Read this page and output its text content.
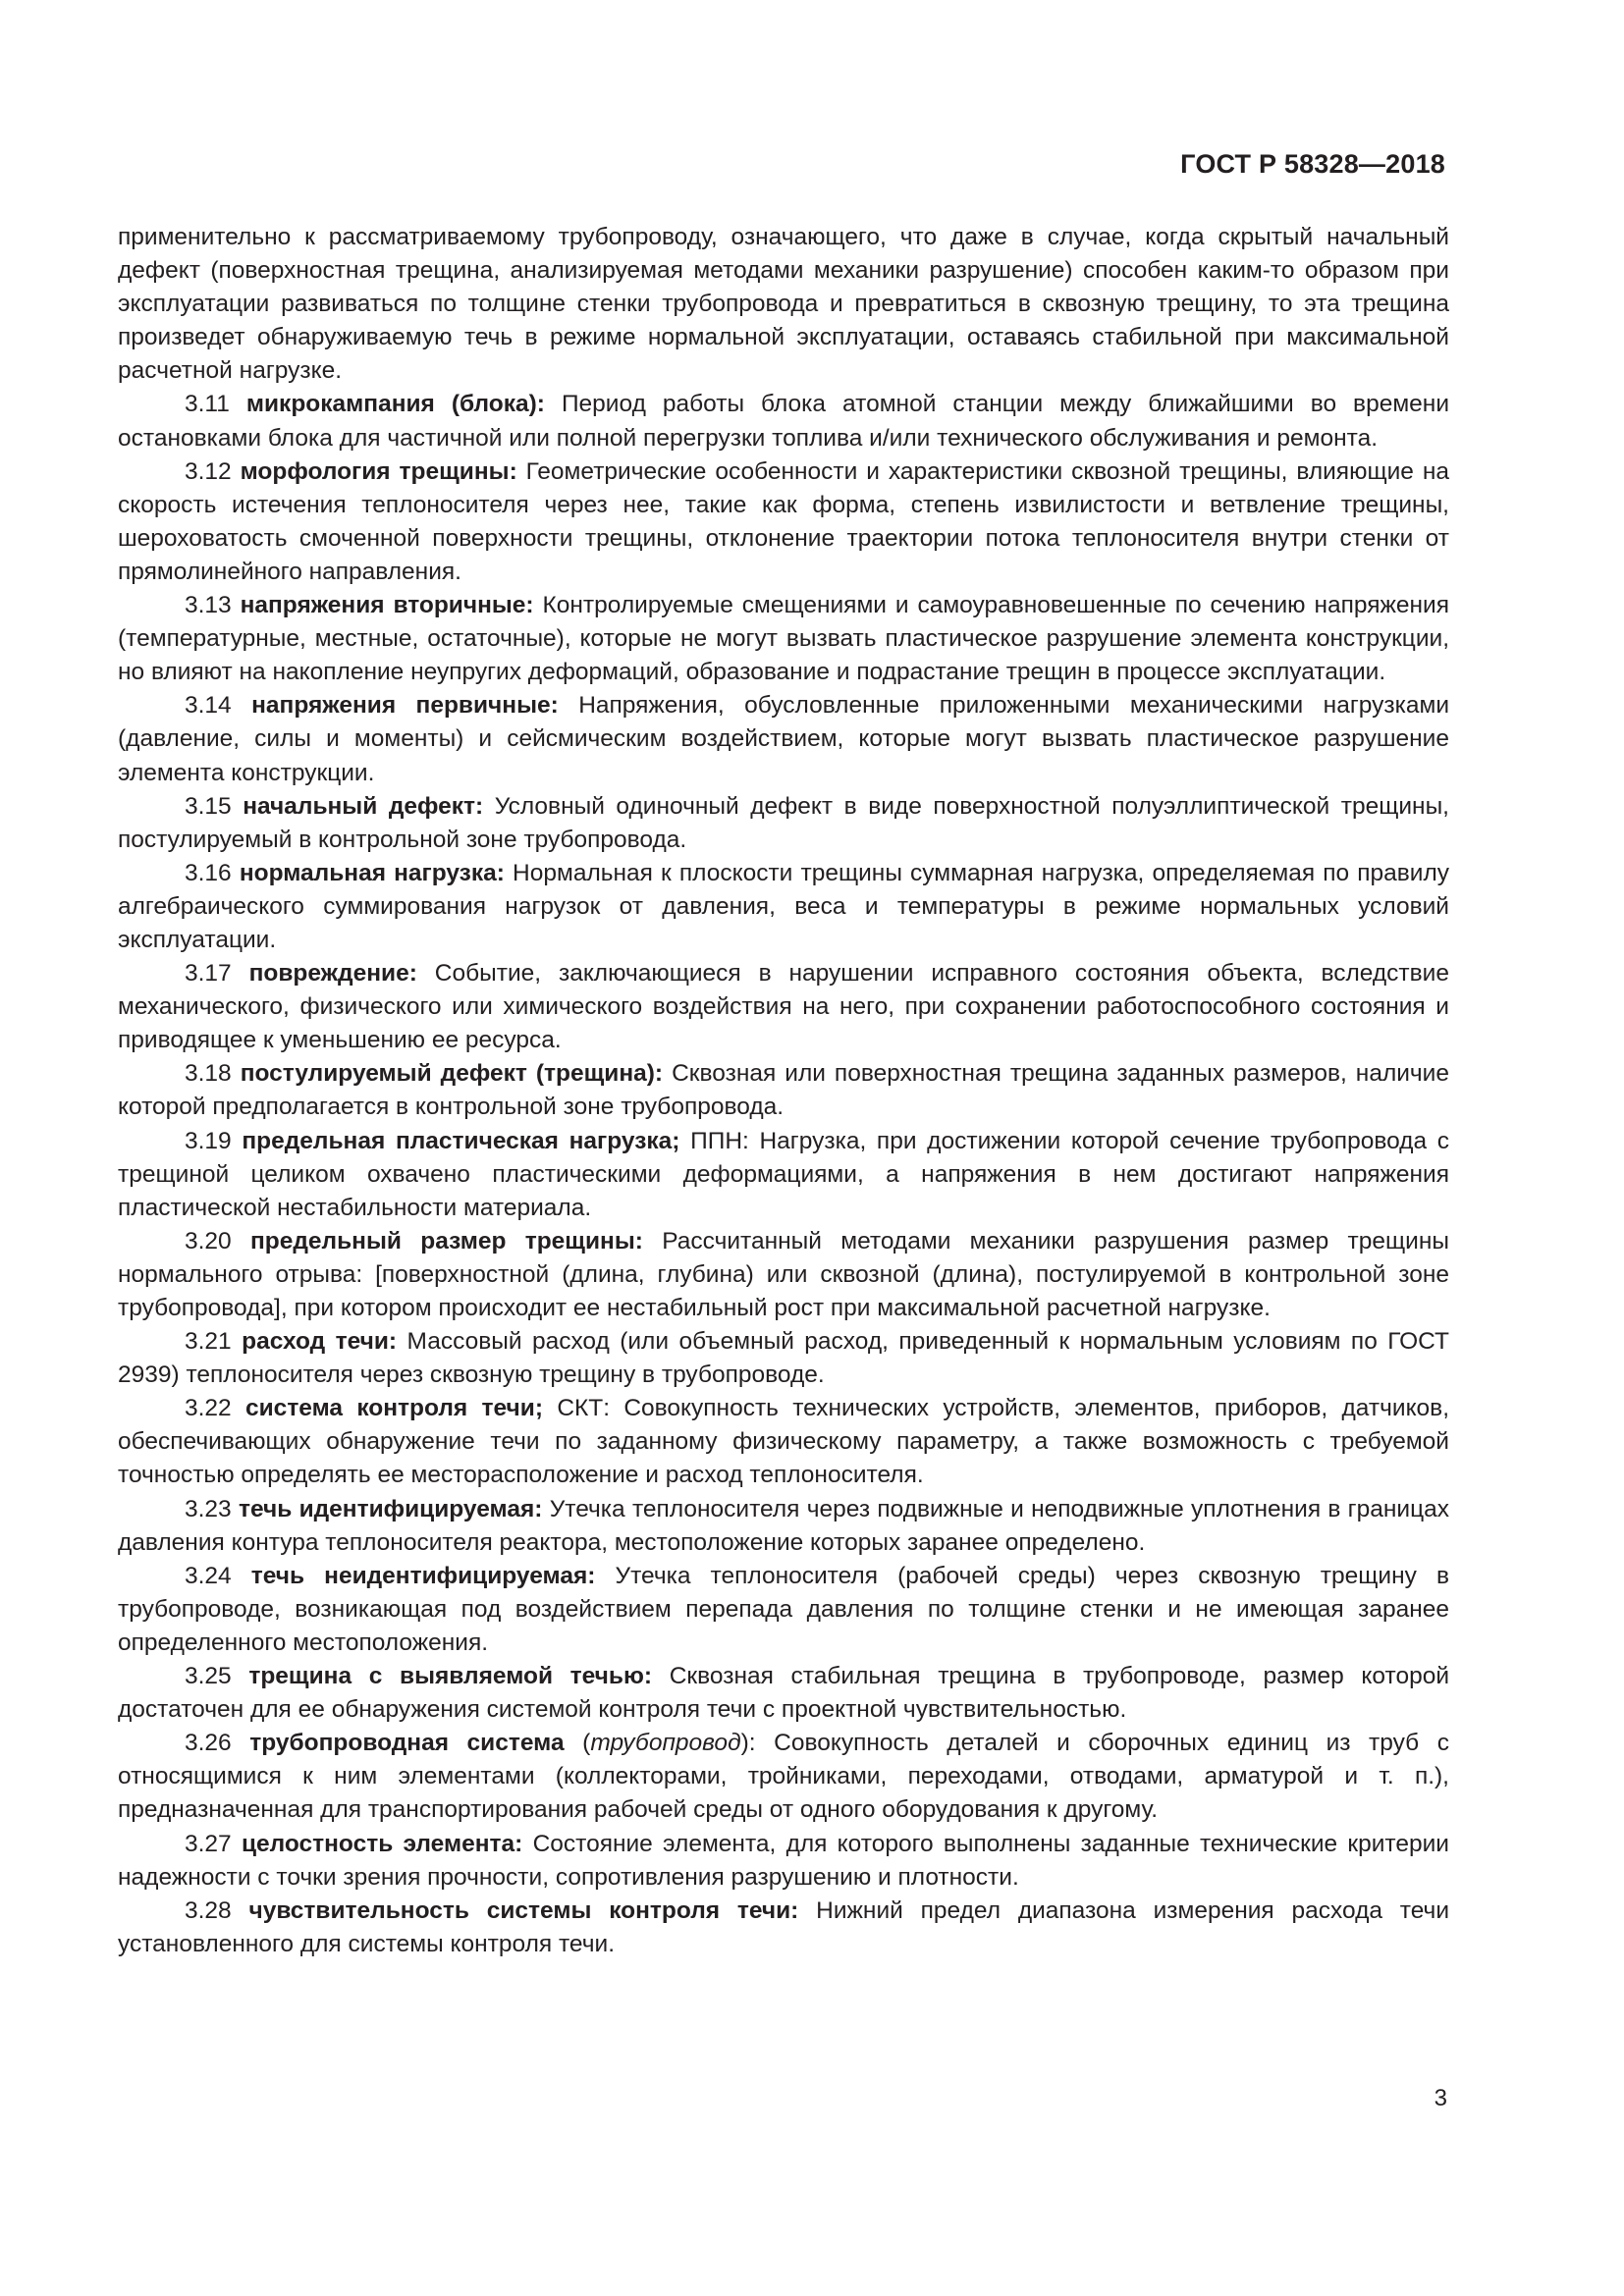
ГОСТ Р 58328—2018

применительно к рассматриваемому трубопроводу, означающего, что даже в случае, когда скрытый начальный дефект (поверхностная трещина, анализируемая методами механики разрушение) способен каким-то образом при эксплуатации развиваться по толщине стенки трубопровода и превратиться в сквозную трещину, то эта трещина произведет обнаруживаемую течь в режиме нормальной эксплуатации, оставаясь стабильной при максимальной расчетной нагрузке.

3.11 микрокампания (блока): Период работы блока атомной станции между ближайшими во времени остановками блока для частичной или полной перегрузки топлива и/или технического обслуживания и ремонта.

3.12 морфология трещины: Геометрические особенности и характеристики сквозной трещины, влияющие на скорость истечения теплоносителя через нее, такие как форма, степень извилистости и ветвление трещины, шероховатость смоченной поверхности трещины, отклонение траектории потока теплоносителя внутри стенки от прямолинейного направления.

3.13 напряжения вторичные: Контролируемые смещениями и самоуравновешенные по сечению напряжения (температурные, местные, остаточные), которые не могут вызвать пластическое разрушение элемента конструкции, но влияют на накопление неупругих деформаций, образование и подрастание трещин в процессе эксплуатации.

3.14 напряжения первичные: Напряжения, обусловленные приложенными механическими нагрузками (давление, силы и моменты) и сейсмическим воздействием, которые могут вызвать пластическое разрушение элемента конструкции.

3.15 начальный дефект: Условный одиночный дефект в виде поверхностной полуэллиптической трещины, постулируемый в контрольной зоне трубопровода.

3.16 нормальная нагрузка: Нормальная к плоскости трещины суммарная нагрузка, определяемая по правилу алгебраического суммирования нагрузок от давления, веса и температуры в режиме нормальных условий эксплуатации.

3.17 повреждение: Событие, заключающиеся в нарушении исправного состояния объекта, вследствие механического, физического или химического воздействия на него, при сохранении работоспособного состояния и приводящее к уменьшению ее ресурса.

3.18 постулируемый дефект (трещина): Сквозная или поверхностная трещина заданных размеров, наличие которой предполагается в контрольной зоне трубопровода.

3.19 предельная пластическая нагрузка; ППН: Нагрузка, при достижении которой сечение трубопровода с трещиной целиком охвачено пластическими деформациями, а напряжения в нем достигают напряжения пластической нестабильности материала.

3.20 предельный размер трещины: Рассчитанный методами механики разрушения размер трещины нормального отрыва: [поверхностной (длина, глубина) или сквозной (длина), постулируемой в контрольной зоне трубопровода], при котором происходит ее нестабильный рост при максимальной расчетной нагрузке.

3.21 расход течи: Массовый расход (или объемный расход, приведенный к нормальным условиям по ГОСТ 2939) теплоносителя через сквозную трещину в трубопроводе.

3.22 система контроля течи; СКТ: Совокупность технических устройств, элементов, приборов, датчиков, обеспечивающих обнаружение течи по заданному физическому параметру, а также возможность с требуемой точностью определять ее месторасположение и расход теплоносителя.

3.23 течь идентифицируемая: Утечка теплоносителя через подвижные и неподвижные уплотнения в границах давления контура теплоносителя реактора, местоположение которых заранее определено.

3.24 течь неидентифицируемая: Утечка теплоносителя (рабочей среды) через сквозную трещину в трубопроводе, возникающая под воздействием перепада давления по толщине стенки и не имеющая заранее определенного местоположения.

3.25 трещина с выявляемой течью: Сквозная стабильная трещина в трубопроводе, размер которой достаточен для ее обнаружения системой контроля течи с проектной чувствительностью.

3.26 трубопроводная система (трубопровод): Совокупность деталей и сборочных единиц из труб с относящимися к ним элементами (коллекторами, тройниками, переходами, отводами, арматурой и т. п.), предназначенная для транспортирования рабочей среды от одного оборудования к другому.

3.27 целостность элемента: Состояние элемента, для которого выполнены заданные технические критерии надежности с точки зрения прочности, сопротивления разрушению и плотности.

3.28 чувствительность системы контроля течи: Нижний предел диапазона измерения расхода течи установленного для системы контроля течи.

3
